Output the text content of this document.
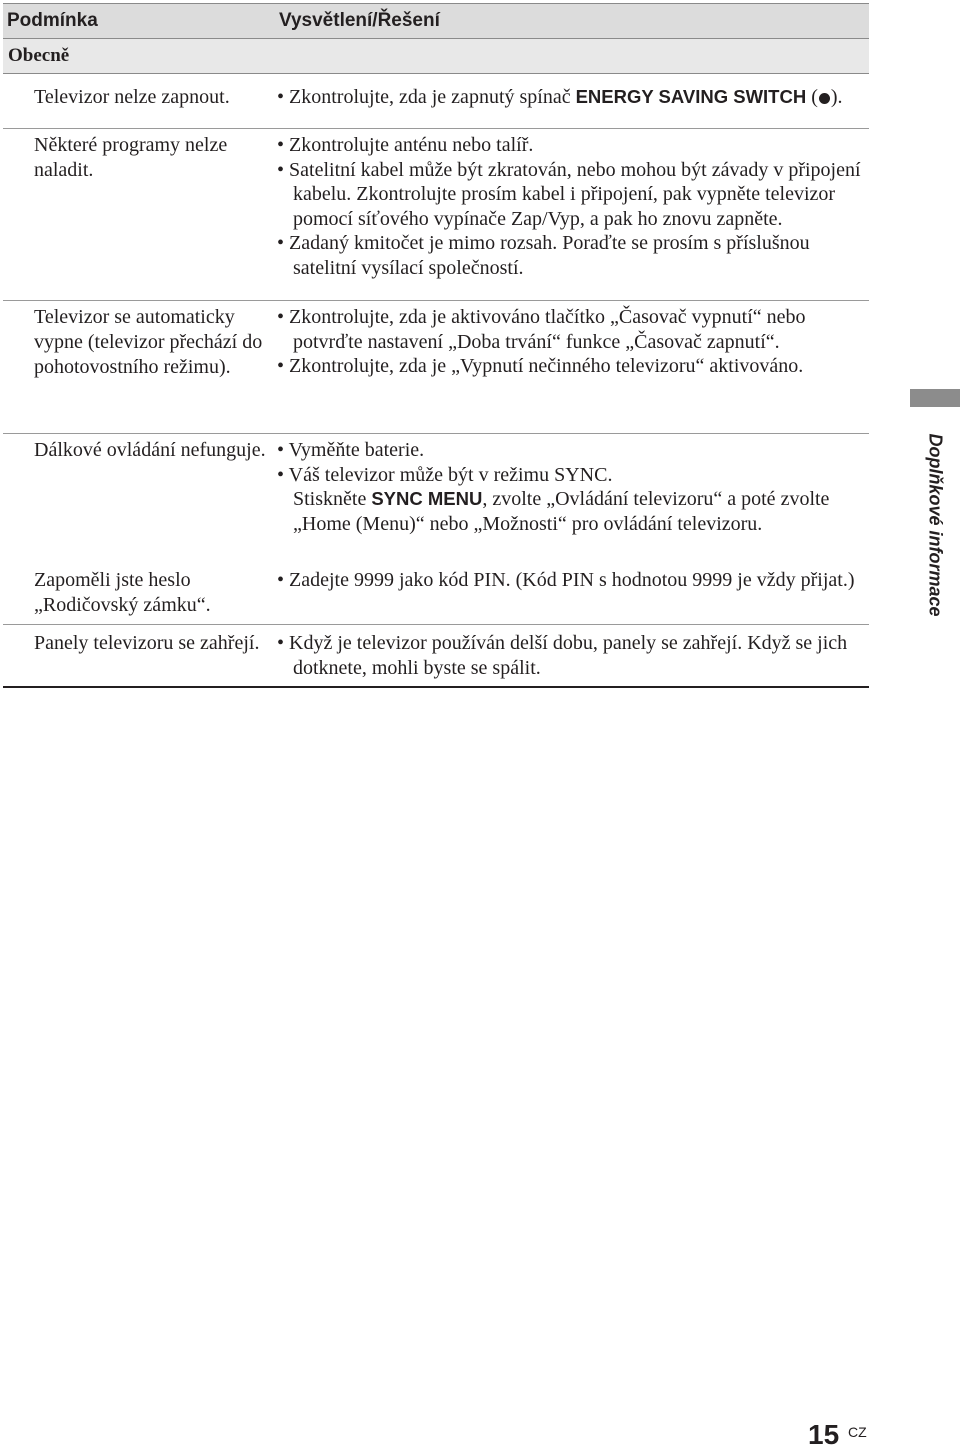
Podmínka	Vysvětlení/Řešení
Obecně
Televizor nelze zapnout.	• Zkontrolujte, zda je zapnutý spínač ENERGY SAVING SWITCH ( ).
Některé programy nelze naladit.
• Zkontrolujte anténu nebo talíř.
• Satelitní kabel může být zkratován, nebo mohou být závady v připojení kabelu. Zkontrolujte prosím kabel i připojení, pak vypněte televizor pomocí síťového vypínače Zap/Vyp, a pak ho znovu zapněte.
• Zadaný kmitočet je mimo rozsah. Poraďte se prosím s příslušnou satelitní vysílací společností.
Televizor se automaticky vypne (televizor přechází do pohotovostního režimu).
• Zkontrolujte, zda je aktivováno tlačítko „Časovač vypnutí“ nebo potvrďte nastavení „Doba trvání“ funkce „Časovač zapnutí“.
• Zkontrolujte, zda je „Vypnutí nečinného televizoru“ aktivováno.
Dálkové ovládání nefunguje. • Vyměňte baterie.
• Váš televizor může být v režimu SYNC.
Stiskněte SYNC MENU, zvolte „Ovládání televizoru“ a poté zvolte „Home (Menu)“ nebo „Možnosti“ pro ovládání televizoru.
Zapoměli jste heslo „Rodičovský zámku“.
• Zadejte 9999 jako kód PIN. (Kód PIN s hodnotou 9999 je vždy přijat.)
Panely televizoru se zahřejí. • Když je televizor používán delší dobu, panely se zahřejí. Když se jich dotknete, mohli byste se spálit.
Doplňkové informace
15 CZ
